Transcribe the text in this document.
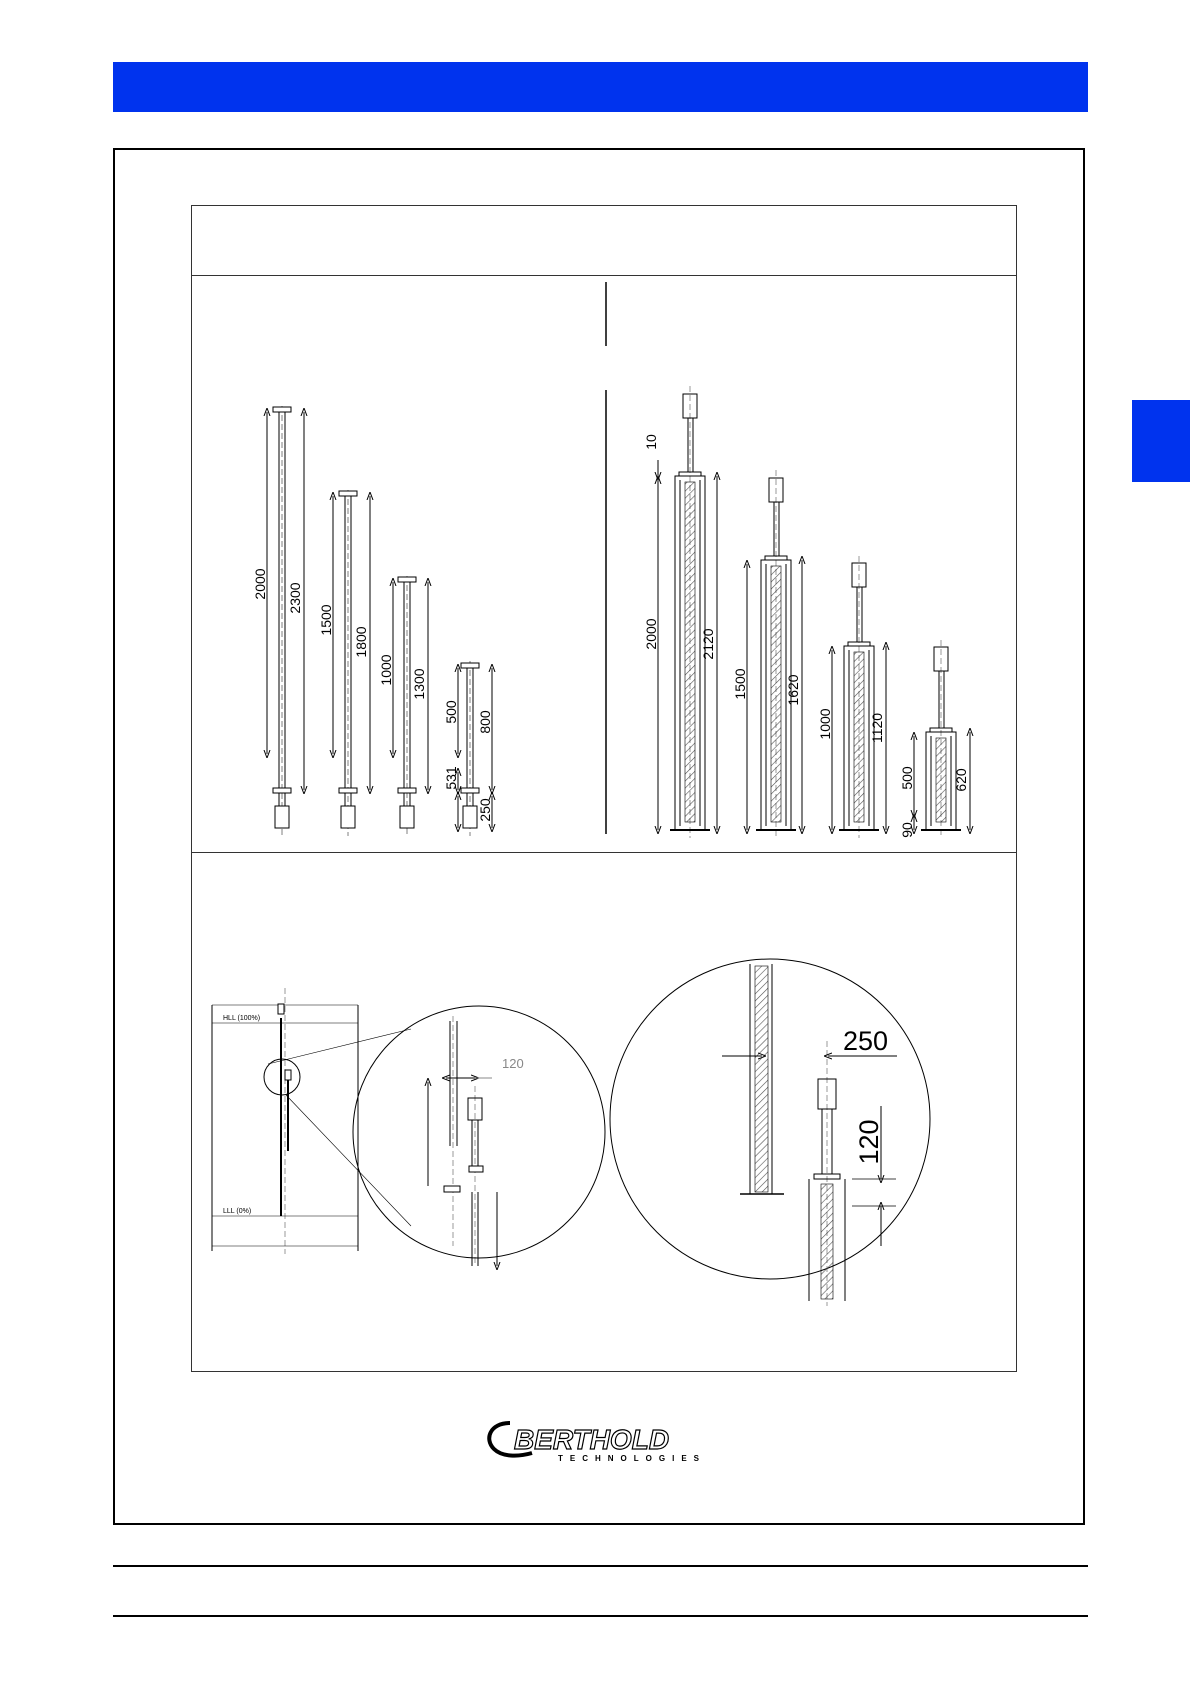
2000 2300
1500
1800
1000 1300
500 800
531
250
10
2000	2120
1500	1620
1000	1120
500	620
90
HLL (100%)
LLL (0%)
120
250
120
BERTHOLD
TECHNOLOGIES
